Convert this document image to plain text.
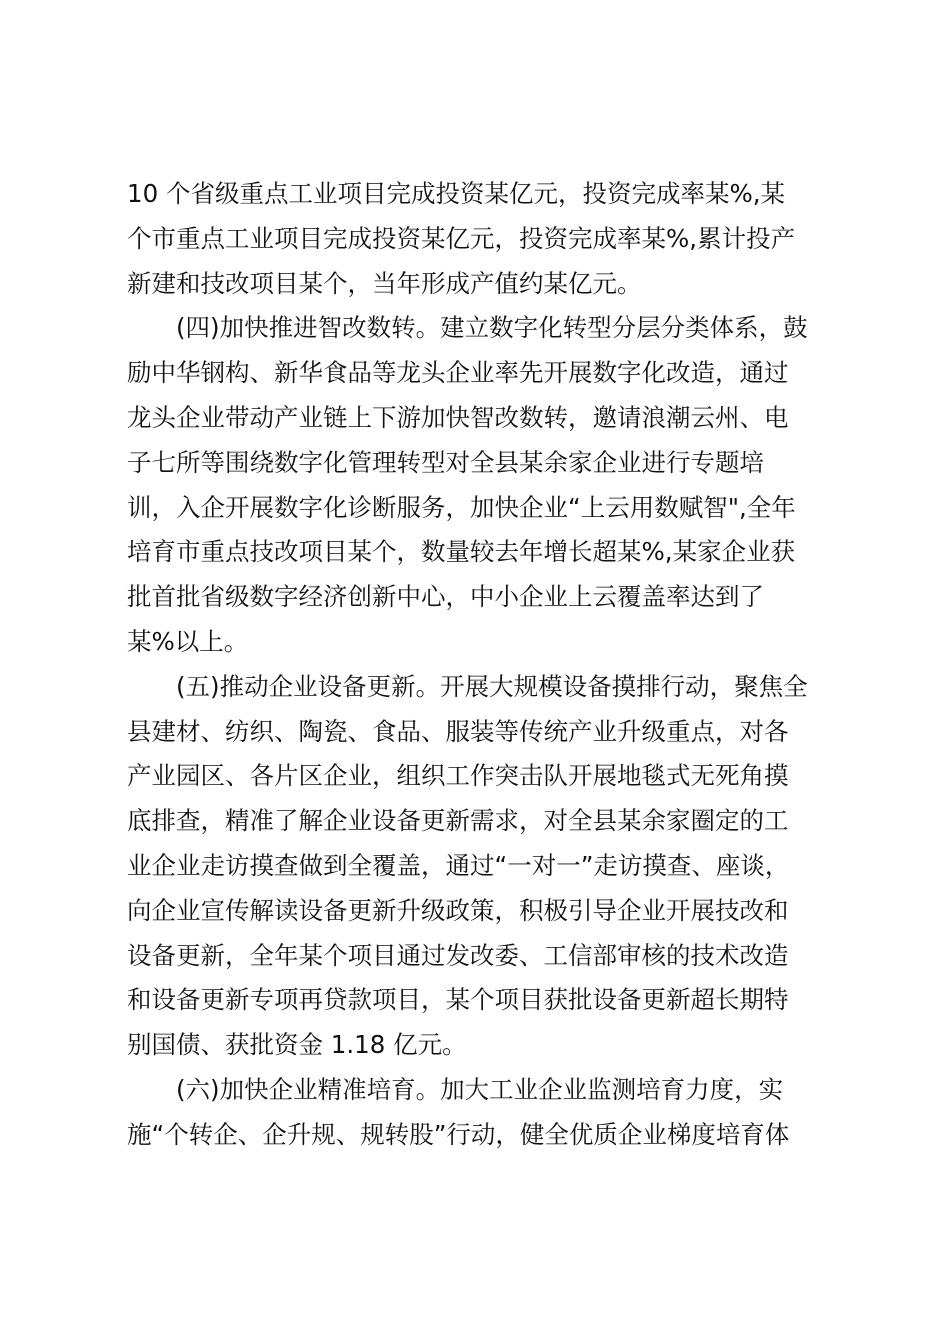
10 个省级重点工业项目完成投资某亿元，投资完成率某%,某
个市重点工业项目完成投资某亿元，投资完成率某%,累计投产
新建和技改项目某个，当年形成产值约某亿元。
(四)加快推进智改数转。建立数字化转型分层分类体系，鼓
励中华钢构、新华食品等龙头企业率先开展数字化改造，通过
龙头企业带动产业链上下游加快智改数转，邀请浪潮云州、电
子七所等围绕数字化管理转型对全县某余家企业进行专题培
训，入企开展数字化诊断服务，加快企业“上云用数赋智",全年
培育市重点技改项目某个，数量较去年增长超某%,某家企业获
批首批省级数字经济创新中心，中小企业上云覆盖率达到了
某%以上。
(五)推动企业设备更新。开展大规模设备摸排行动，聚焦全
县建材、纺织、陶瓷、食品、服装等传统产业升级重点，对各
产业园区、各片区企业，组织工作突击队开展地毯式无死角摸
底排查，精准了解企业设备更新需求，对全县某余家圈定的工
业企业走访摸查做到全覆盖，通过“一对一”走访摸查、座谈，
向企业宣传解读设备更新升级政策，积极引导企业开展技改和
设备更新，全年某个项目通过发改委、工信部审核的技术改造
和设备更新专项再贷款项目，某个项目获批设备更新超长期特
别国债、获批资金 1.18 亿元。
(六)加快企业精准培育。加大工业企业监测培育力度，实
施“个转企、企升规、规转股”行动，健全优质企业梯度培育体
